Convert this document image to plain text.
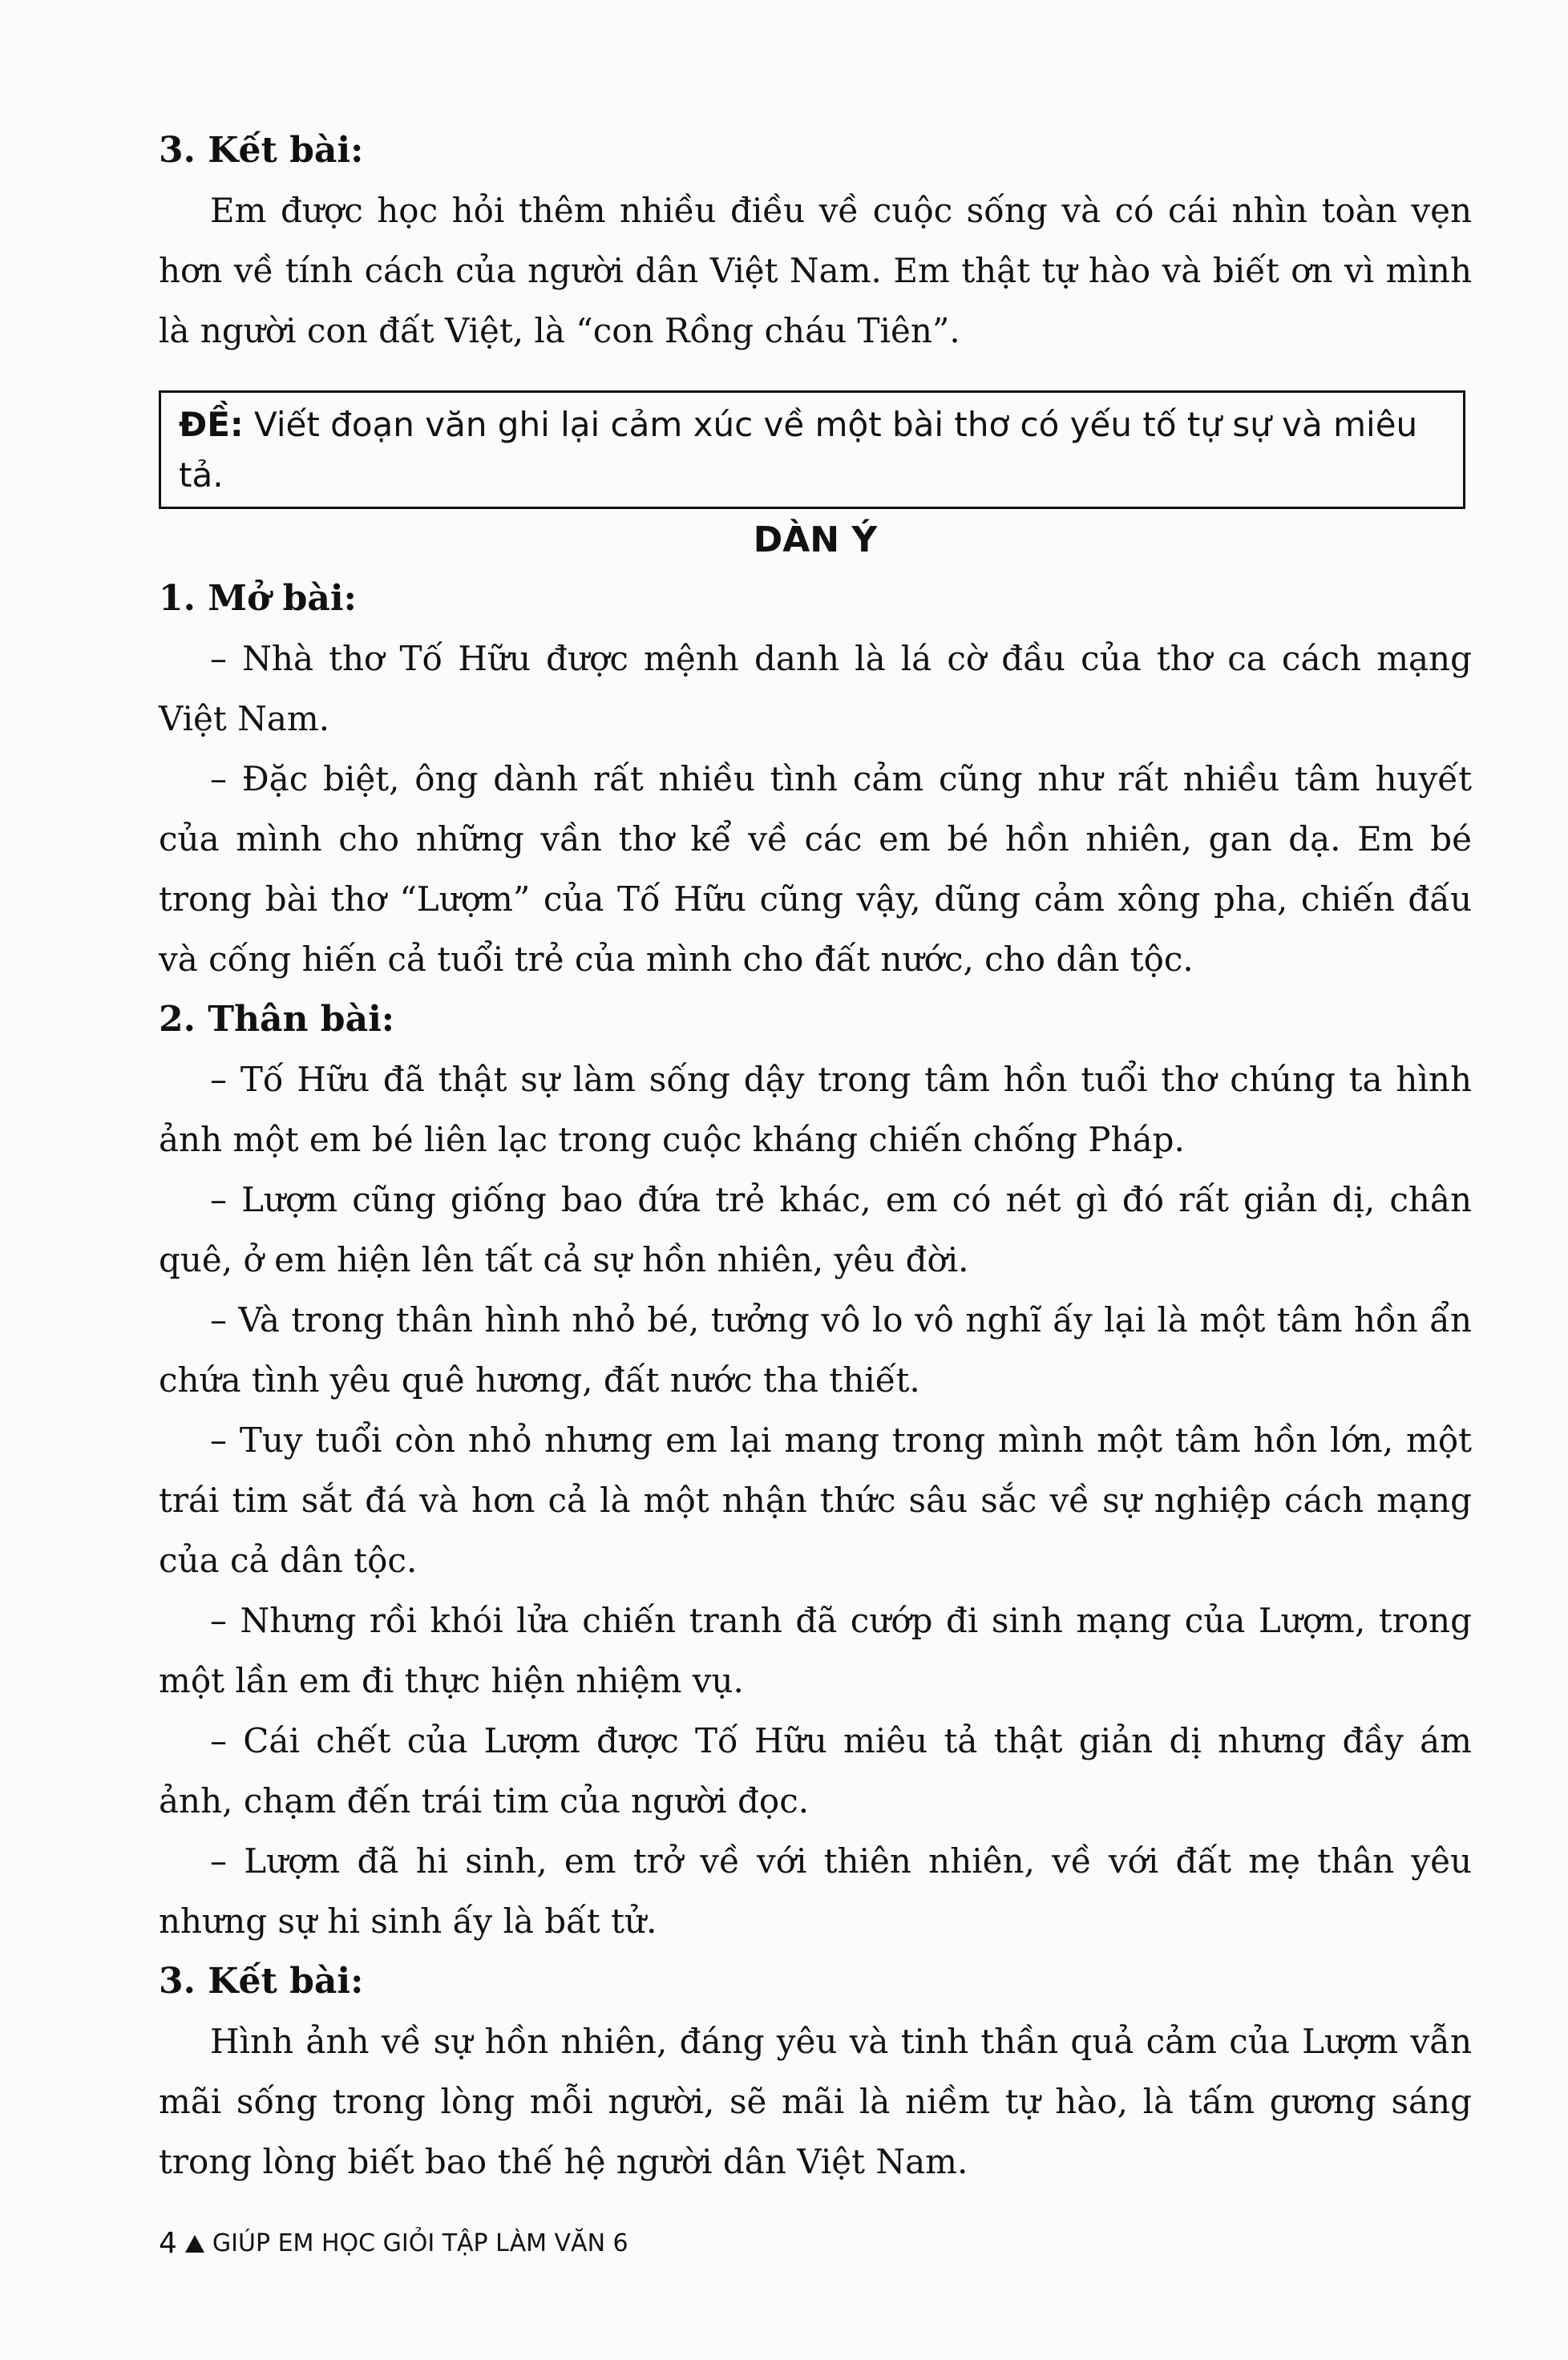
3. Kết bài:

Em được học hỏi thêm nhiều điều về cuộc sống và có cái nhìn toàn vẹn hơn về tính cách của người dân Việt Nam. Em thật tự hào và biết ơn vì mình là người con đất Việt, là “con Rồng cháu Tiên”.

ĐỀ: Viết đoạn văn ghi lại cảm xúc về một bài thơ có yếu tố tự sự và miêu tả.

DÀN Ý

1. Mở bài:

– Nhà thơ Tố Hữu được mệnh danh là lá cờ đầu của thơ ca cách mạng Việt Nam.

– Đặc biệt, ông dành rất nhiều tình cảm cũng như rất nhiều tâm huyết của mình cho những vần thơ kể về các em bé hồn nhiên, gan dạ. Em bé trong bài thơ “Lượm” của Tố Hữu cũng vậy, dũng cảm xông pha, chiến đấu và cống hiến cả tuổi trẻ của mình cho đất nước, cho dân tộc.

2. Thân bài:

– Tố Hữu đã thật sự làm sống dậy trong tâm hồn tuổi thơ chúng ta hình ảnh một em bé liên lạc trong cuộc kháng chiến chống Pháp.

– Lượm cũng giống bao đứa trẻ khác, em có nét gì đó rất giản dị, chân quê, ở em hiện lên tất cả sự hồn nhiên, yêu đời.

– Và trong thân hình nhỏ bé, tưởng vô lo vô nghĩ ấy lại là một tâm hồn ẩn chứa tình yêu quê hương, đất nước tha thiết.

– Tuy tuổi còn nhỏ nhưng em lại mang trong mình một tâm hồn lớn, một trái tim sắt đá và hơn cả là một nhận thức sâu sắc về sự nghiệp cách mạng của cả dân tộc.

– Nhưng rồi khói lửa chiến tranh đã cướp đi sinh mạng của Lượm, trong một lần em đi thực hiện nhiệm vụ.

– Cái chết của Lượm được Tố Hữu miêu tả thật giản dị nhưng đầy ám ảnh, chạm đến trái tim của người đọc.

– Lượm đã hi sinh, em trở về với thiên nhiên, về với đất mẹ thân yêu nhưng sự hi sinh ấy là bất tử.

3. Kết bài:

Hình ảnh về sự hồn nhiên, đáng yêu và tinh thần quả cảm của Lượm vẫn mãi sống trong lòng mỗi người, sẽ mãi là niềm tự hào, là tấm gương sáng trong lòng biết bao thế hệ người dân Việt Nam.

4 GIÚP EM HỌC GIỎI TẬP LÀM VĂN 6
